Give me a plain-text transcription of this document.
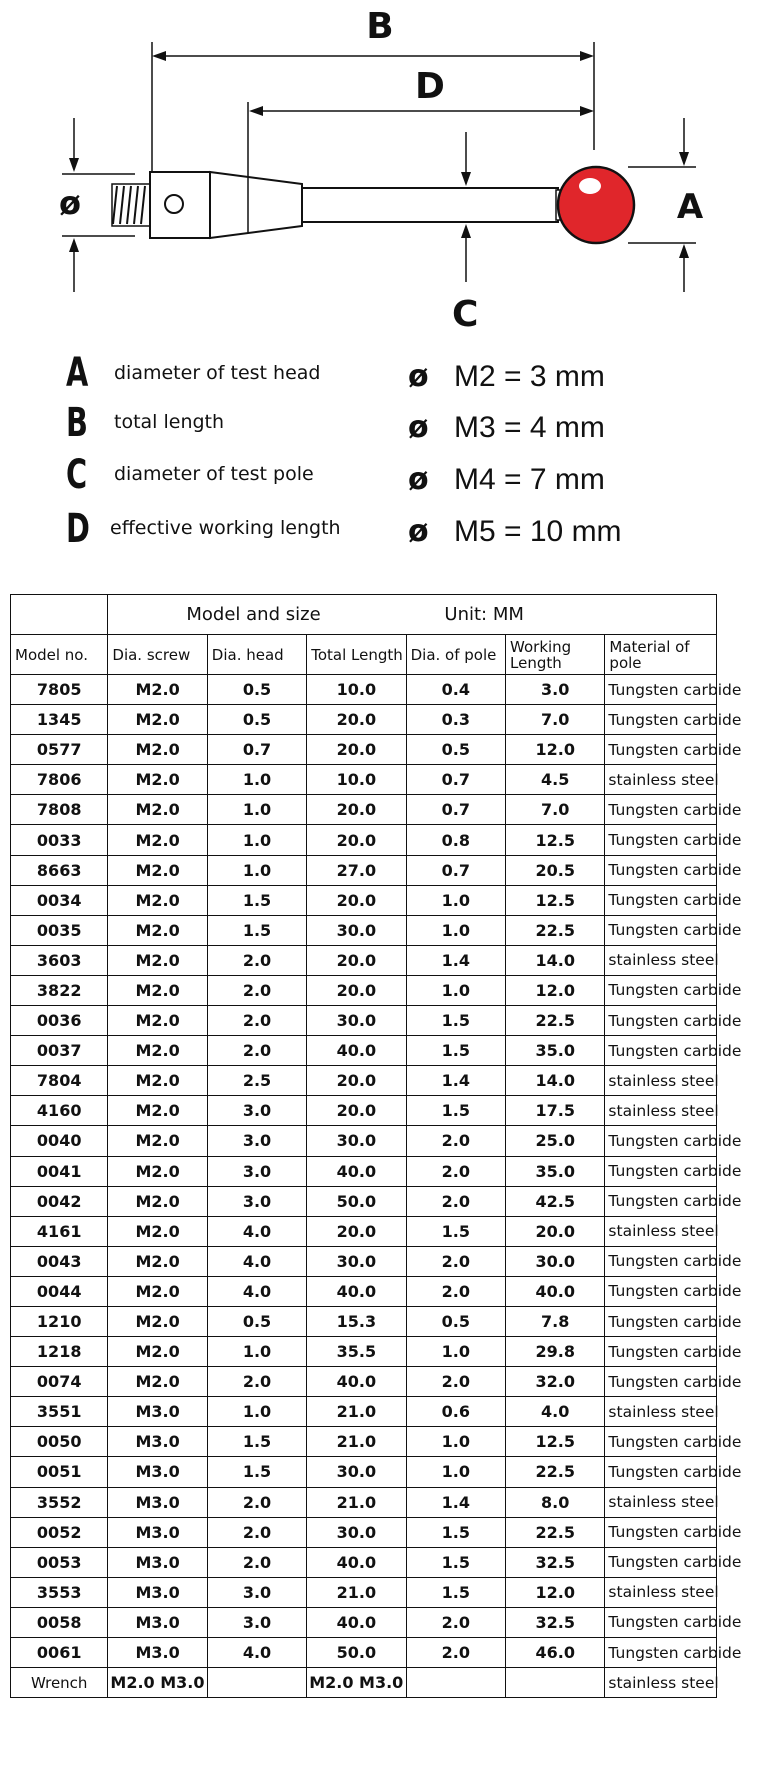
B
D
ø	A
C
A diameter of test head
B total length
C diameter of test pole
D effective working length
ø M2 = 3 mm
ø M3 = 4 mm
ø M4 = 7 mm
ø M5 = 10 mm
	Model and size Unit: MM					
Model no.	Dia. screw	Dia. head	Total Length	Dia. of pole	Working Length	Material of pole
7805	M2.0	0.5	10.0	0.4	3.0	Tungsten carbide
1345	M2.0	0.5	20.0	0.3	7.0	Tungsten carbide
0577	M2.0	0.7	20.0	0.5	12.0	Tungsten carbide
7806	M2.0	1.0	10.0	0.7	4.5	stainless steel
7808	M2.0	1.0	20.0	0.7	7.0	Tungsten carbide
0033	M2.0	1.0	20.0	0.8	12.5	Tungsten carbide
8663	M2.0	1.0	27.0	0.7	20.5	Tungsten carbide
0034	M2.0	1.5	20.0	1.0	12.5	Tungsten carbide
0035	M2.0	1.5	30.0	1.0	22.5	Tungsten carbide
3603	M2.0	2.0	20.0	1.4	14.0	stainless steel
3822	M2.0	2.0	20.0	1.0	12.0	Tungsten carbide
0036	M2.0	2.0	30.0	1.5	22.5	Tungsten carbide
0037	M2.0	2.0	40.0	1.5	35.0	Tungsten carbide
7804	M2.0	2.5	20.0	1.4	14.0	stainless steel
4160	M2.0	3.0	20.0	1.5	17.5	stainless steel
0040	M2.0	3.0	30.0	2.0	25.0	Tungsten carbide
0041	M2.0	3.0	40.0	2.0	35.0	Tungsten carbide
0042	M2.0	3.0	50.0	2.0	42.5	Tungsten carbide
4161	M2.0	4.0	20.0	1.5	20.0	stainless steel
0043	M2.0	4.0	30.0	2.0	30.0	Tungsten carbide
0044	M2.0	4.0	40.0	2.0	40.0	Tungsten carbide
1210	M2.0	0.5	15.3	0.5	7.8	Tungsten carbide
1218	M2.0	1.0	35.5	1.0	29.8	Tungsten carbide
0074	M2.0	2.0	40.0	2.0	32.0	Tungsten carbide
3551	M3.0	1.0	21.0	0.6	4.0	stainless steel
0050	M3.0	1.5	21.0	1.0	12.5	Tungsten carbide
0051	M3.0	1.5	30.0	1.0	22.5	Tungsten carbide
3552	M3.0	2.0	21.0	1.4	8.0	stainless steel
0052	M3.0	2.0	30.0	1.5	22.5	Tungsten carbide
0053	M3.0	2.0	40.0	1.5	32.5	Tungsten carbide
3553	M3.0	3.0	21.0	1.5	12.0	stainless steel
0058	M3.0	3.0	40.0	2.0	32.5	Tungsten carbide
0061	M3.0	4.0	50.0	2.0	46.0	Tungsten carbide
Wrench	M2.0 M3.0		M2.0 M3.0			stainless steel
